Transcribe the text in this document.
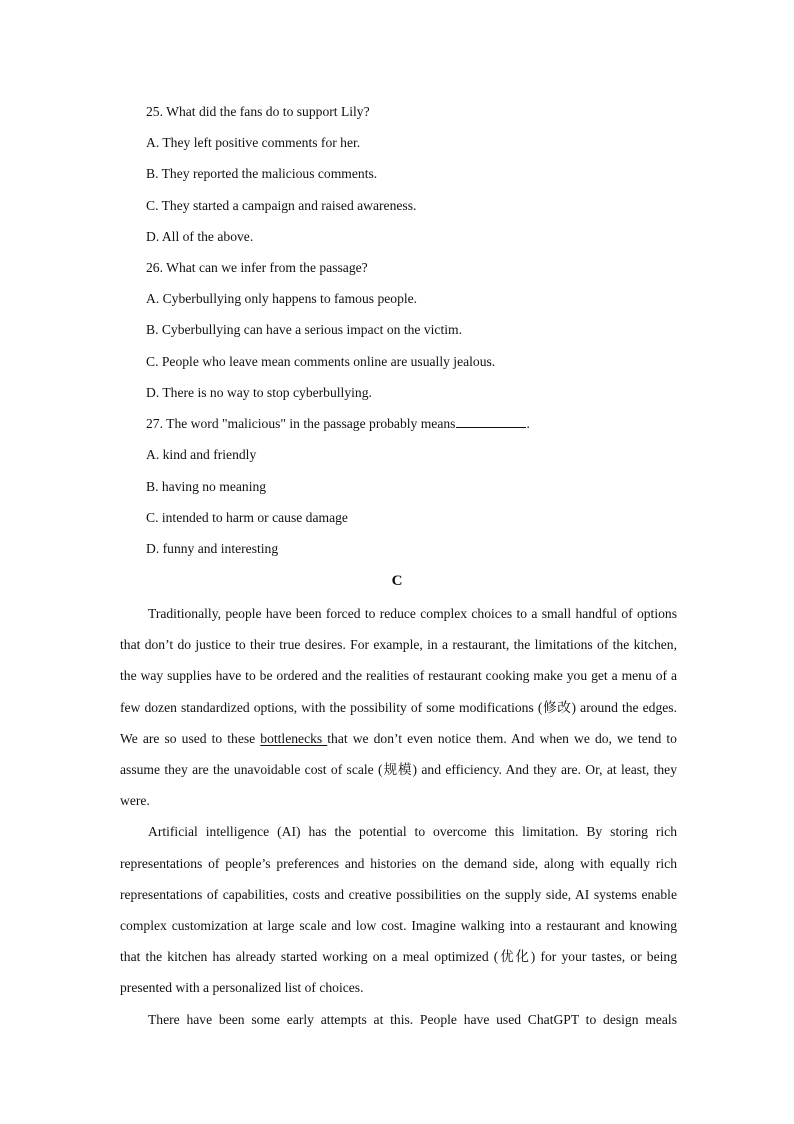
25. What did the fans do to support Lily?
A. They left positive comments for her.
B. They reported the malicious comments.
C. They started a campaign and raised awareness.
D. All of the above.
26. What can we infer from the passage?
A. Cyberbullying only happens to famous people.
B. Cyberbullying can have a serious impact on the victim.
C. People who leave mean comments online are usually jealous.
D. There is no way to stop cyberbullying.
A. kind and friendly
B. having no meaning
C. intended to harm or cause damage
D. funny and interesting
27. The word "malicious" in the passage probably means	.
C

Traditionally, people have been forced to reduce complex choices to a small handful of options that don’t do justice to their true desires. For example, in a restaurant, the limitations of the kitchen, the way supplies have to be ordered and the realities of restaurant cooking make you get a menu of a few dozen standardized options, with the possibility of some modifications (修改) around the edges. We are so used to these bottlenecks that we don’t even notice them. And when we do, we tend to assume they are the unavoidable cost of scale (规模) and efficiency. And they are. Or, at least, they were.

Artificial intelligence (AI) has the potential to overcome this limitation. By storing rich representations of people’s preferences and histories on the demand side, along with equally rich representations of capabilities, costs and creative possibilities on the supply side, AI systems enable complex customization at large scale and low cost. Imagine walking into a restaurant and knowing that the kitchen has already started working on a meal optimized (优化) for your tastes, or being presented with a personalized list of choices.

There have been some early attempts at this. People have used ChatGPT to design meals
